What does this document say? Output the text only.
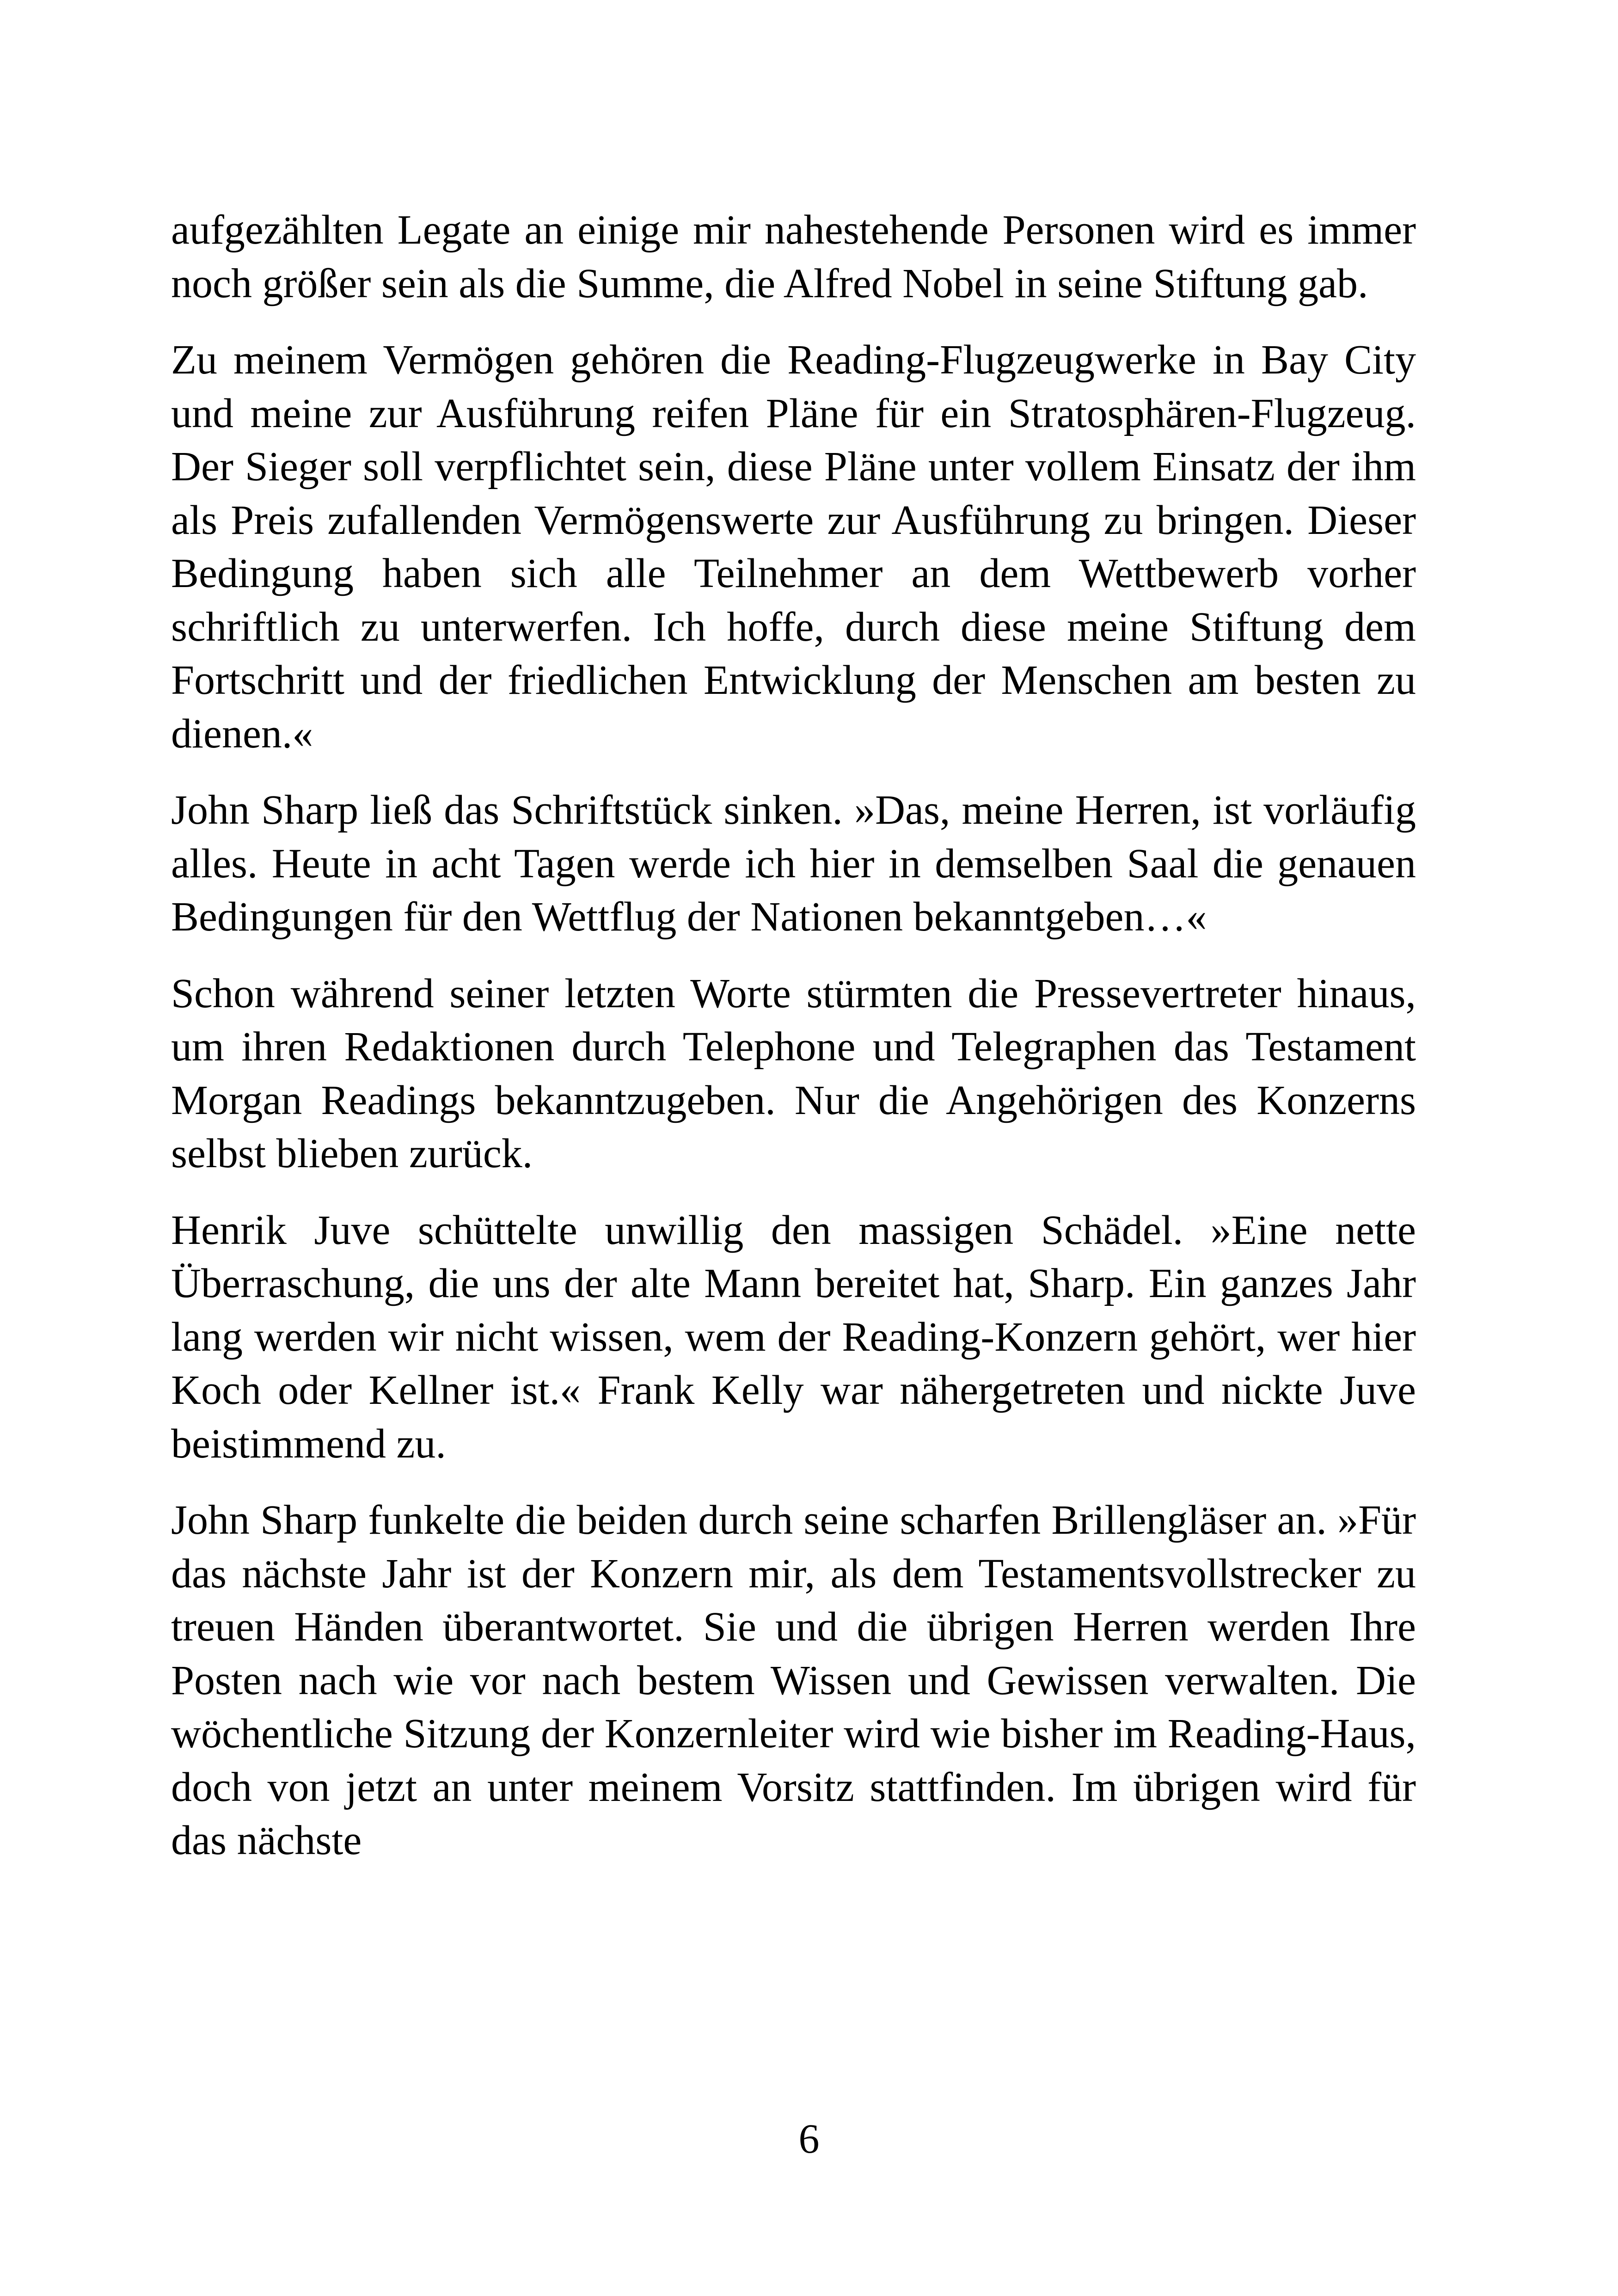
aufgezählten Legate an einige mir nahestehende Personen wird es immer noch größer sein als die Summe, die Alfred Nobel in seine Stiftung gab.

Zu meinem Vermögen gehören die Reading-Flugzeugwerke in Bay City und meine zur Ausführung reifen Pläne für ein Stratosphären-Flugzeug. Der Sieger soll verpflichtet sein, diese Pläne unter vollem Einsatz der ihm als Preis zufallenden Vermögenswerte zur Ausführung zu bringen. Dieser Bedingung haben sich alle Teilnehmer an dem Wettbewerb vorher schriftlich zu unterwerfen. Ich hoffe, durch diese meine Stiftung dem Fortschritt und der friedlichen Entwicklung der Menschen am besten zu dienen.«

John Sharp ließ das Schriftstück sinken. »Das, meine Herren, ist vorläufig alles. Heute in acht Tagen werde ich hier in demselben Saal die genauen Bedingungen für den Wettflug der Nationen bekanntgeben…«

Schon während seiner letzten Worte stürmten die Pressevertreter hinaus, um ihren Redaktionen durch Telephone und Telegraphen das Testament Morgan Readings bekanntzugeben. Nur die Angehörigen des Konzerns selbst blieben zurück.

Henrik Juve schüttelte unwillig den massigen Schädel. »Eine nette Überraschung, die uns der alte Mann bereitet hat, Sharp. Ein ganzes Jahr lang werden wir nicht wissen, wem der Reading-Konzern gehört, wer hier Koch oder Kellner ist.« Frank Kelly war nähergetreten und nickte Juve beistimmend zu.

John Sharp funkelte die beiden durch seine scharfen Brillengläser an. »Für das nächste Jahr ist der Konzern mir, als dem Testamentsvollstrecker zu treuen Händen überantwortet. Sie und die übrigen Herren werden Ihre Posten nach wie vor nach bestem Wissen und Gewissen verwalten. Die wöchentliche Sitzung der Konzernleiter wird wie bisher im Reading-Haus, doch von jetzt an unter meinem Vorsitz stattfinden. Im übrigen wird für das nächste

6
